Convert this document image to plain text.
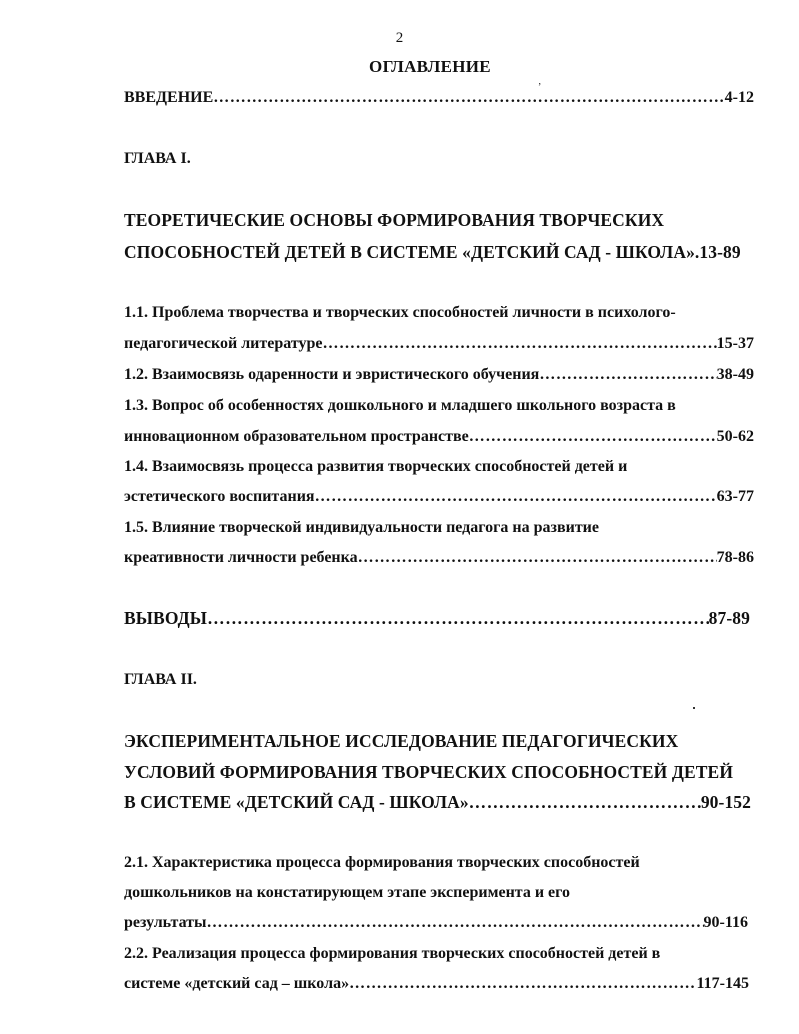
2
ОГЛАВЛЕНИЕ
ВВЕДЕНИЕ ………………………………………………………………………………………………………………………………………………………………………………………………………………………………………………	4-12
ʼ
ГЛАВА I.
ТЕОРЕТИЧЕСКИЕ ОСНОВЫ ФОРМИРОВАНИЯ ТВОРЧЕСКИХ
СПОСОБНОСТЕЙ ДЕТЕЙ В СИСТЕМЕ «ДЕТСКИЙ САД - ШКОЛА».13-89
1.1. Проблема творчества и творческих способностей личности в психолого-
педагогической литературе ………………………………………………………………………………………………………………………………………………………………………………………………………………………………………………	15-37
1.2. Взаимосвязь одаренности и эвристического обучения ………………………………………………………………………………………………………………………………………………………………………………………………………………………………………………	38-49
1.3. Вопрос об особенностях дошкольного и младшего школьного возраста в
инновационном образовательном пространстве ………………………………………………………………………………………………………………………………………………………………………………………………………………………………………………	50-62
1.4. Взаимосвязь процесса развития творческих способностей детей и
эстетического воспитания ………………………………………………………………………………………………………………………………………………………………………………………………………………………………………………	63-77
1.5. Влияние творческой индивидуальности педагога на развитие
креативности личности ребенка ………………………………………………………………………………………………………………………………………………………………………………………………………………………………………………	78-86
ВЫВОДЫ ………………………………………………………………………………………………………………………………………………………………………………………………………………………………………………	87-89
ГЛАВА II.
ЭКСПЕРИМЕНТАЛЬНОЕ ИССЛЕДОВАНИЕ ПЕДАГОГИЧЕСКИХ
УСЛОВИЙ ФОРМИРОВАНИЯ ТВОРЧЕСКИХ СПОСОБНОСТЕЙ ДЕТЕЙ
В СИСТЕМЕ «ДЕТСКИЙ САД - ШКОЛА» ………………………………………………………………………………………………………………………………………………………………………………………………………………………………………………	90-152
2.1. Характеристика процесса формирования творческих способностей
дошкольников на констатирующем этапе эксперимента и его
результаты ………………………………………………………………………………………………………………………………………………………………………………………………………………………………………………	90-116
2.2. Реализация процесса формирования творческих способностей детей в
системе «детский сад – школа» ………………………………………………………………………………………………………………………………………………………………………………………………………………………………………………	117-145
